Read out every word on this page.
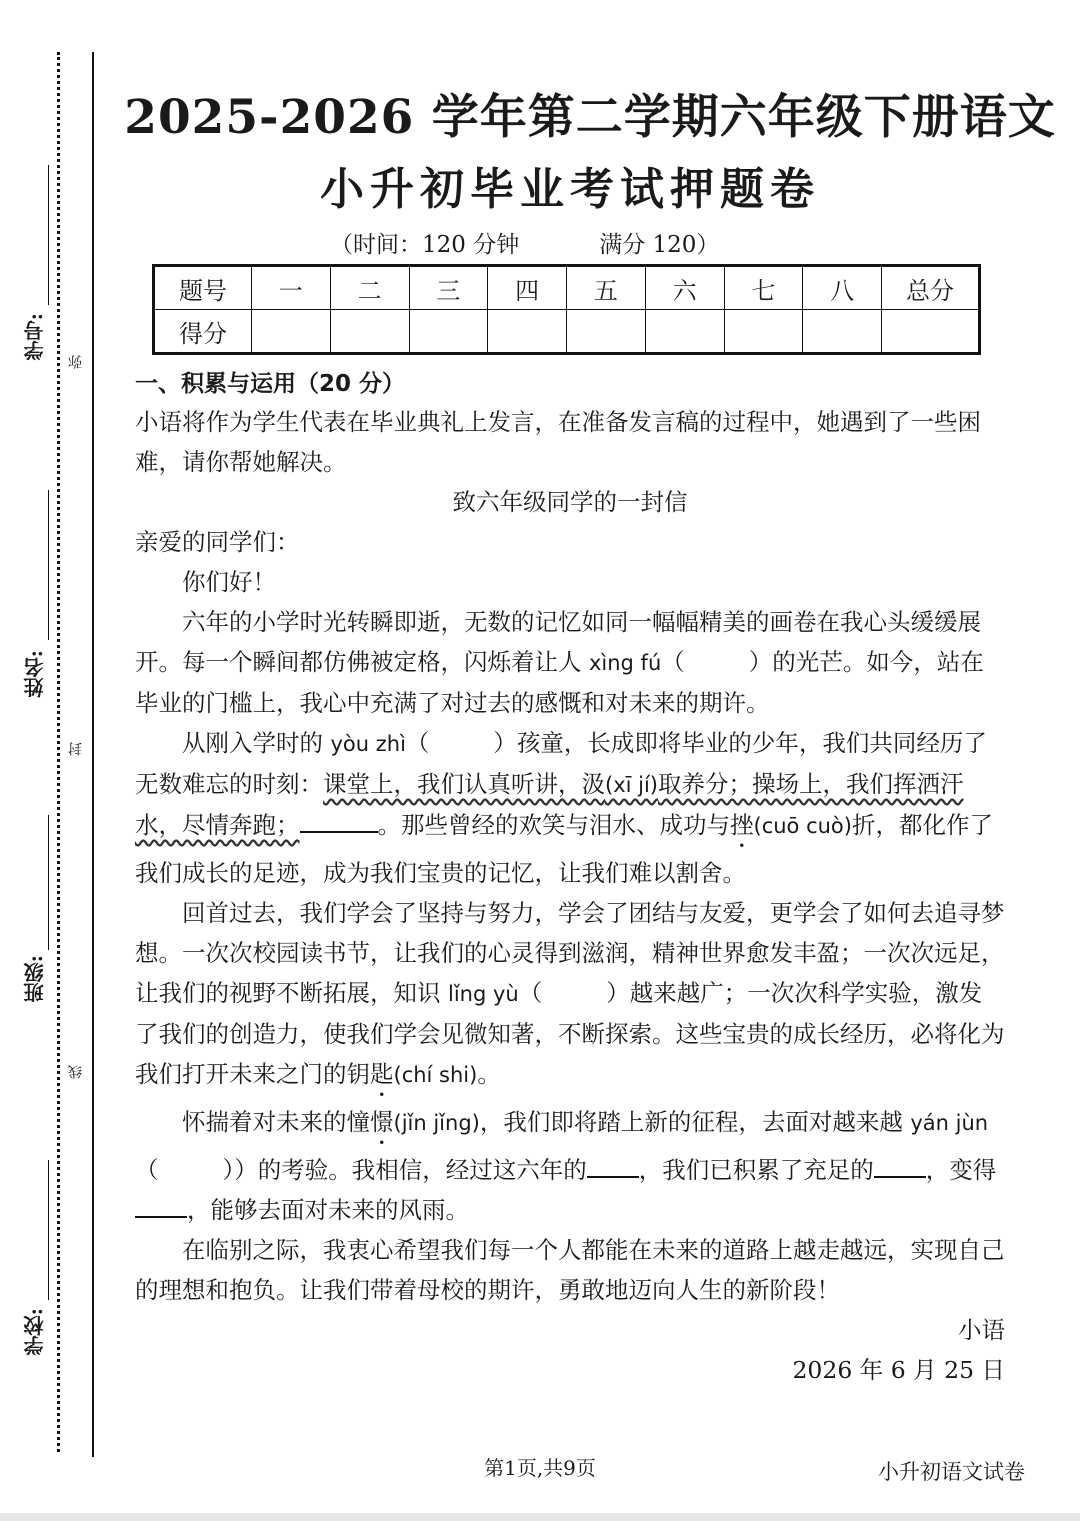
学号:
姓名:
班级:
学校:
弥
封
线
2025-2026 学年第二学期六年级下册语文
小升初毕业考试押题卷
（时间：120 分钟	满分 120）
题号	一	二	三	四	五	六	七	八	总分
得分									
一、积累与运用（20 分）

小语将作为学生代表在毕业典礼上发言，在准备发言稿的过程中，她遇到了一些困难，请你帮她解决。

致六年级同学的一封信

亲爱的同学们：

你们好！

六年的小学时光转瞬即逝，无数的记忆如同一幅幅精美的画卷在我心头缓缓展开。每一个瞬间都仿佛被定格，闪烁着让人 xìng fú（	）的光芒。如今，站在毕业的门槛上，我心中充满了对过去的感慨和对未来的期许。

从刚入学时的 yòu zhì（	）孩童，长成即将毕业的少年，我们共同经历了无数难忘的时刻：课堂上，我们认真听讲，汲(xī jí)取养分；操场上，我们挥洒汗水，尽情奔跑；	。那些曾经的欢笑与泪水、成功与挫(cuō cuò)折，都化作了我们成长的足迹，成为我们宝贵的记忆，让我们难以割舍。

回首过去，我们学会了坚持与努力，学会了团结与友爱，更学会了如何去追寻梦想。一次次校园读书节，让我们的心灵得到滋润，精神世界愈发丰盈；一次次远足，让我们的视野不断拓展，知识 lǐng yù（	）越来越广；一次次科学实验，激发了我们的创造力，使我们学会见微知著，不断探索。这些宝贵的成长经历，必将化为我们打开未来之门的钥匙(chí shi)。

怀揣着对未来的憧憬(jǐn jǐng)，我们即将踏上新的征程，去面对越来越 yán jùn（	））的考验。我相信，经过这六年的 ，我们已积累了充足的 ，变得，能够去面对未来的风雨。

在临别之际，我衷心希望我们每一个人都能在未来的道路上越走越远，实现自己的理想和抱负。让我们带着母校的期许，勇敢地迈向人生的新阶段！

小语

2026 年 6 月 25 日

第1页,共9页	小升初语文试卷
